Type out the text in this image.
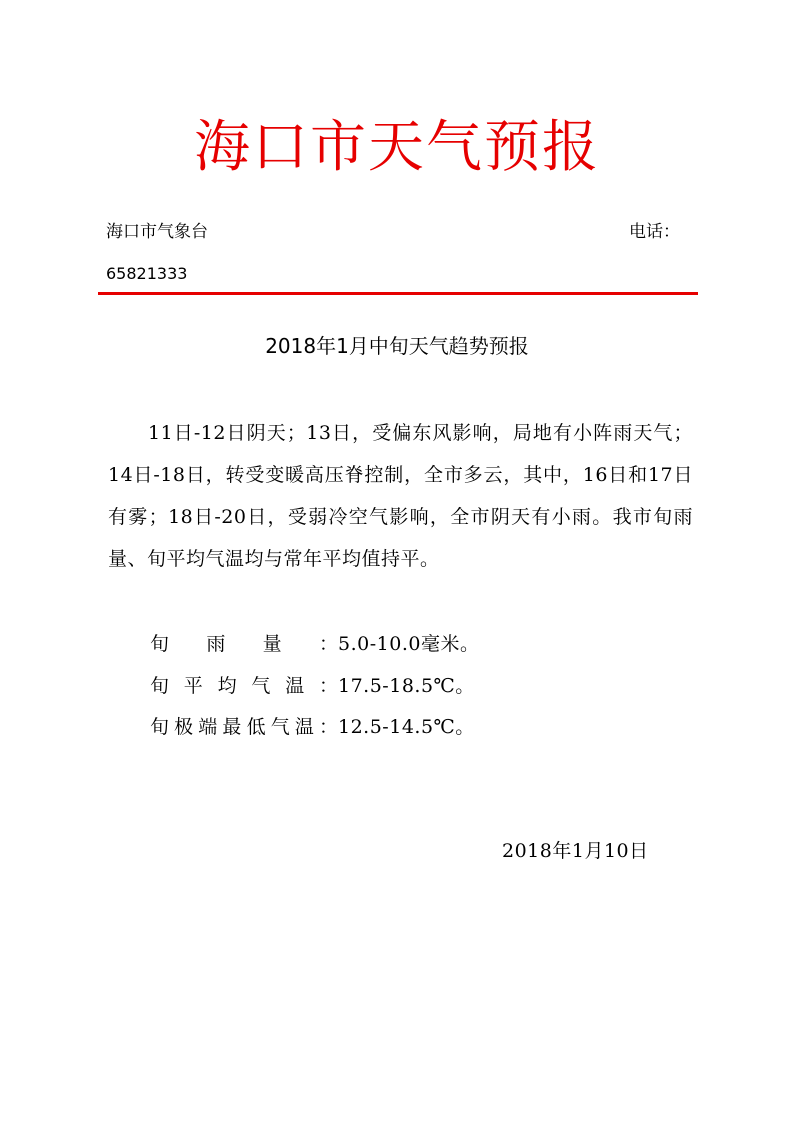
海口市天气预报
海口市气象台	电话：
65821333
2018年1月中旬天气趋势预报

11日-12日阴天；13日，受偏东风影响，局地有小阵雨天气；14日-18日，转受变暖高压脊控制，全市多云，其中，16日和17日有雾；18日-20日，受弱冷空气影响，全市阴天有小雨。我市旬雨量、旬平均气温均与常年平均值持平。

旬雨量：5.0-10.0毫米。
旬平均气温：17.5-18.5℃。
旬极端最低气温：12.5-14.5℃。
2018年1月10日
